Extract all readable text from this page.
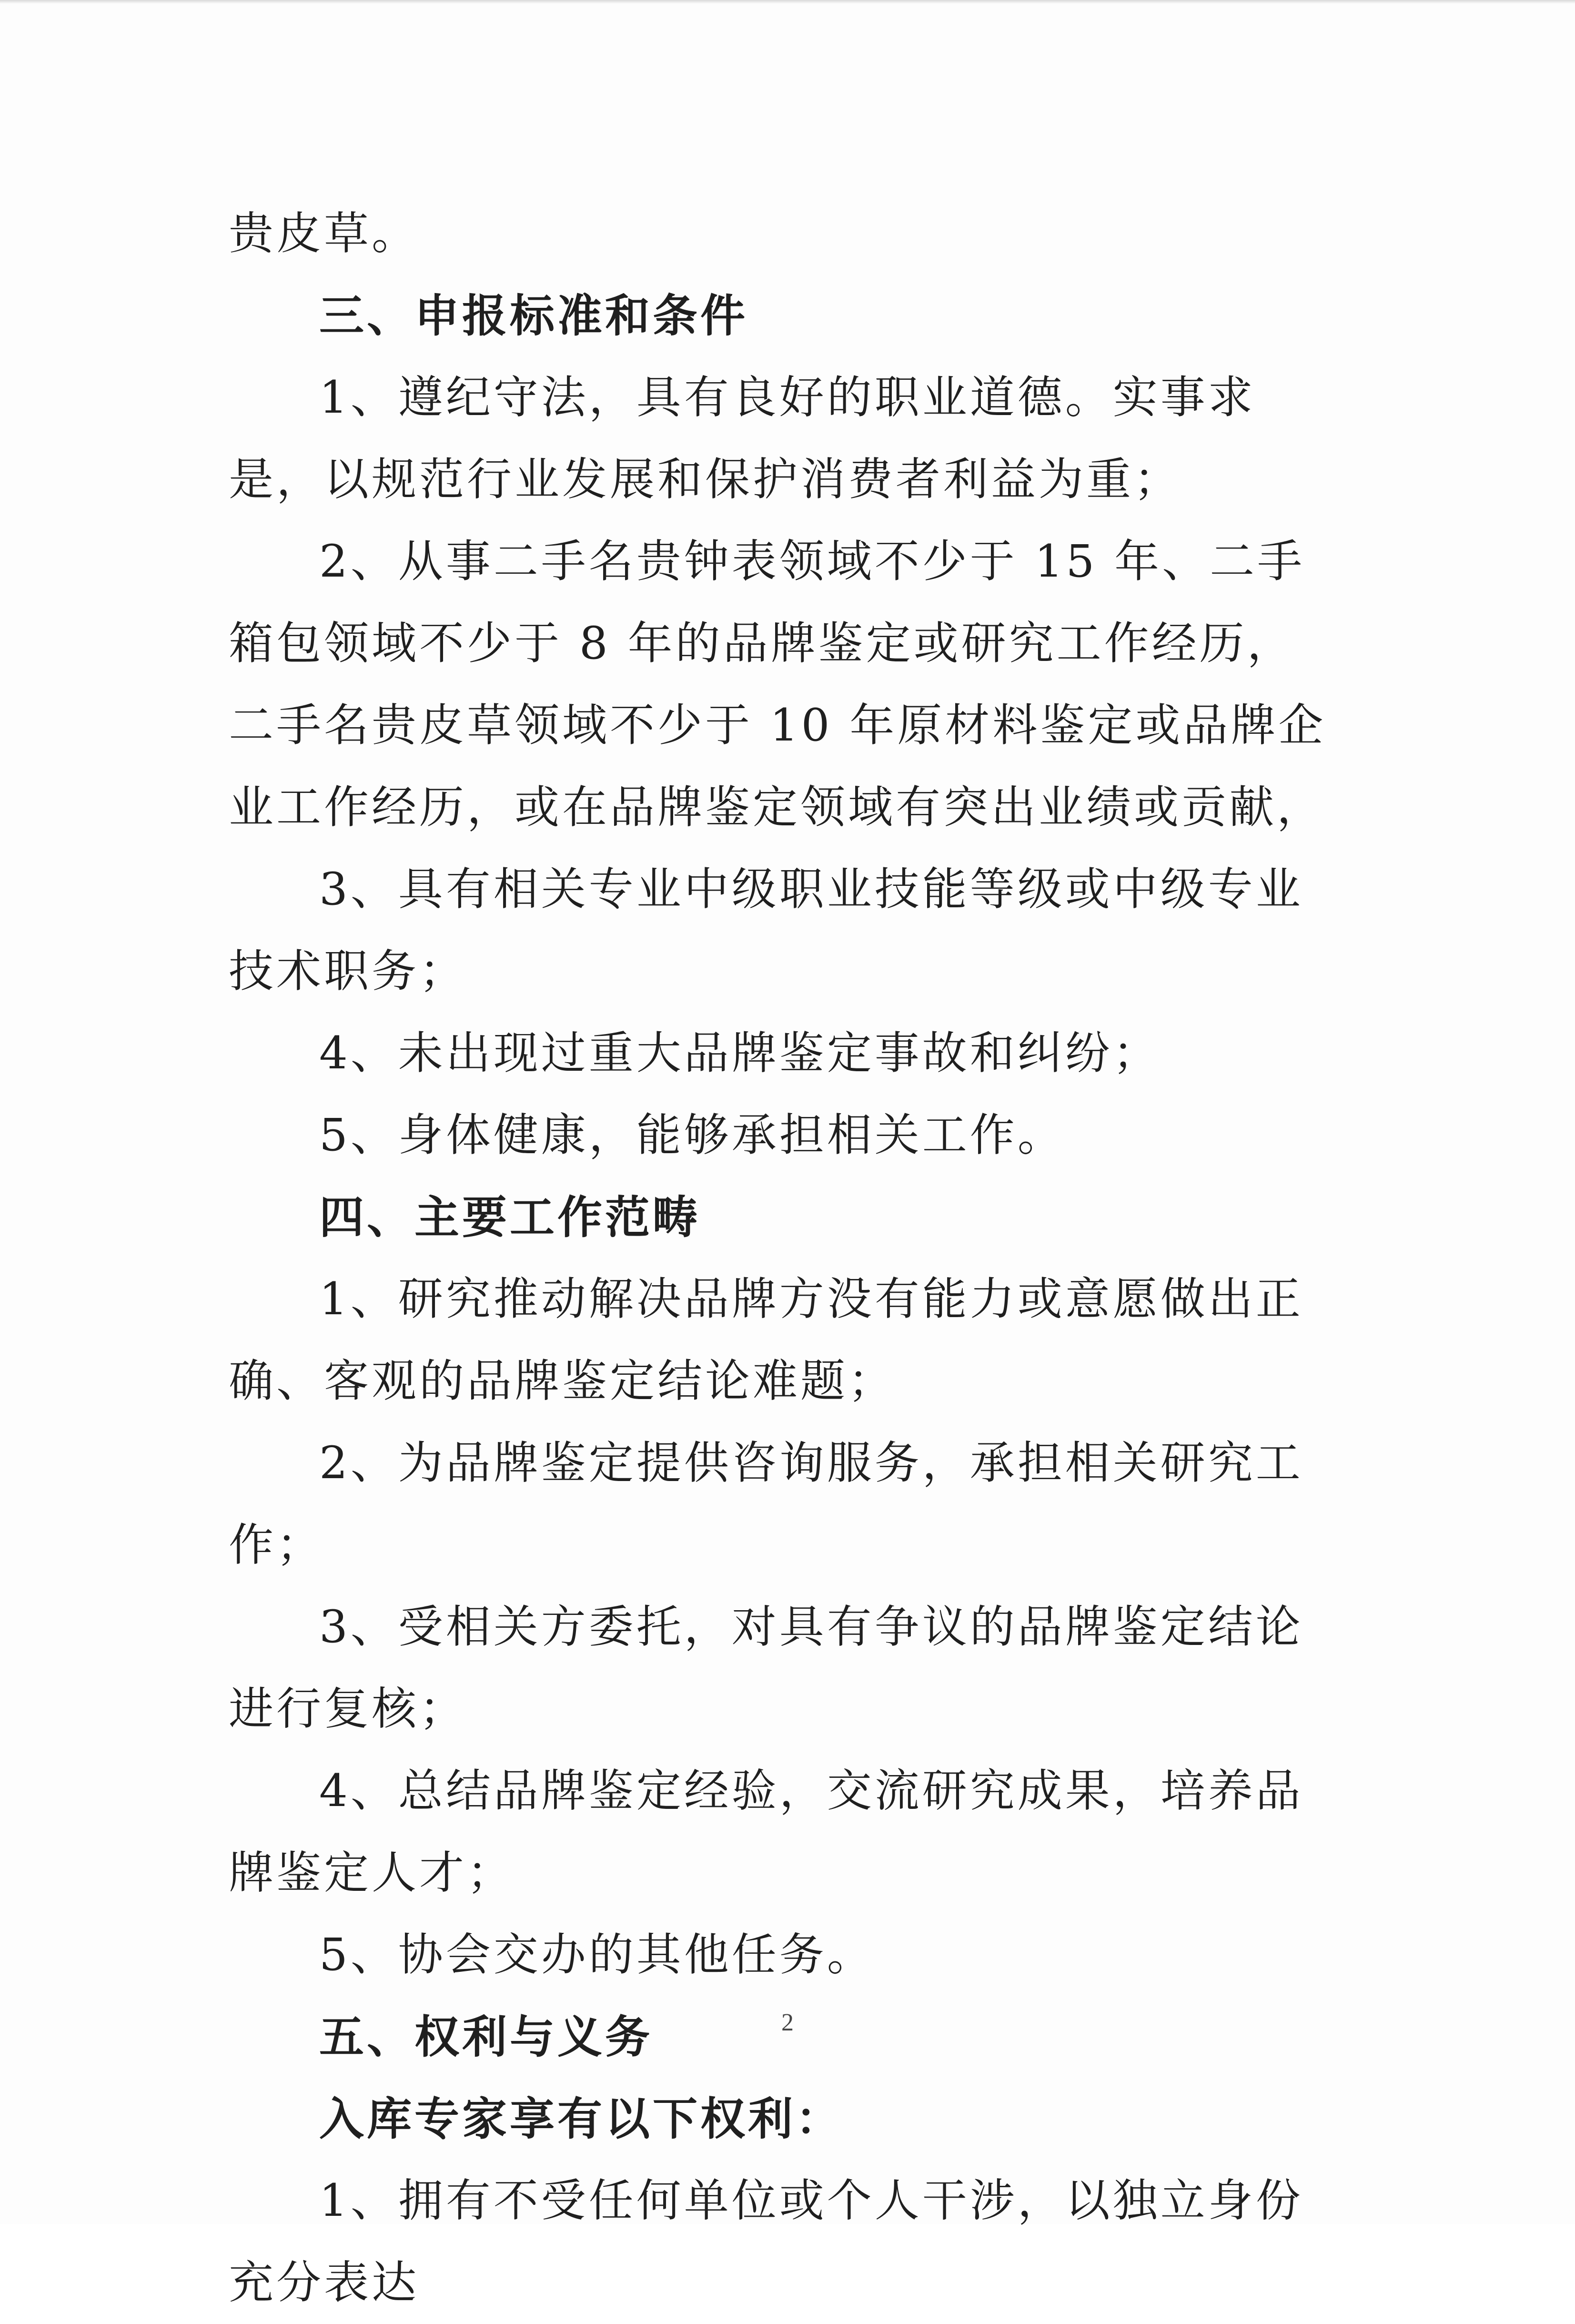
贵皮草。

三、申报标准和条件

1、遵纪守法，具有良好的职业道德。实事求是，以规范行业发展和保护消费者利益为重；

2、从事二手名贵钟表领域不少于 15 年、二手箱包领域不少于 8 年的品牌鉴定或研究工作经历，二手名贵皮草领域不少于 10 年原材料鉴定或品牌企业工作经历，或在品牌鉴定领域有突出业绩或贡献，

3、具有相关专业中级职业技能等级或中级专业技术职务；

4、未出现过重大品牌鉴定事故和纠纷；

5、身体健康，能够承担相关工作。

四、主要工作范畴

1、研究推动解决品牌方没有能力或意愿做出正确、客观的品牌鉴定结论难题；

2、为品牌鉴定提供咨询服务，承担相关研究工作；

3、受相关方委托，对具有争议的品牌鉴定结论进行复核；

4、总结品牌鉴定经验，交流研究成果，培养品牌鉴定人才；

5、协会交办的其他任务。

五、权利与义务

入库专家享有以下权利：

1、拥有不受任何单位或个人干涉，以独立身份充分表达

2
